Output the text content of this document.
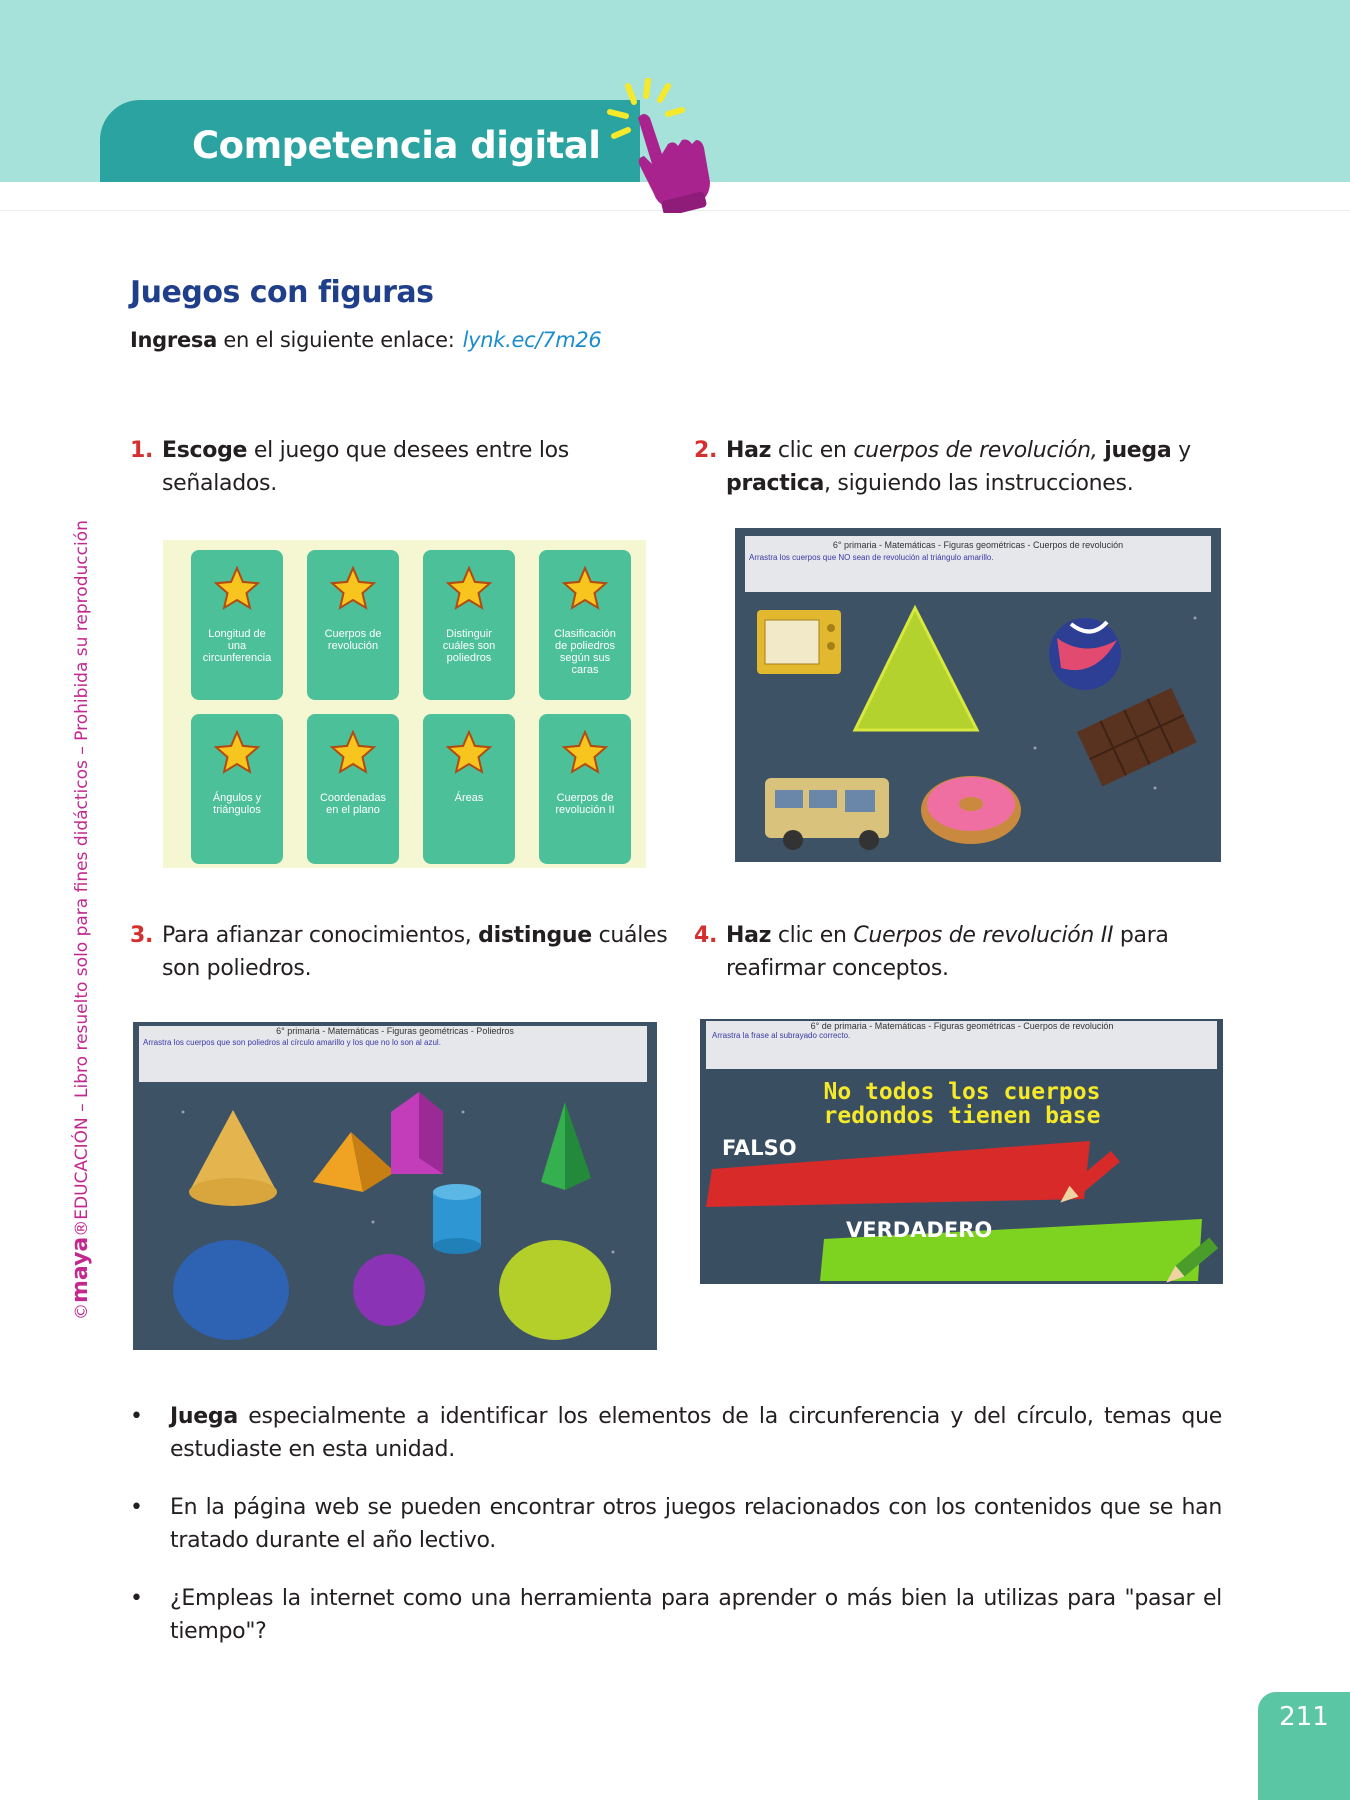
Competencia digital
©maya®EDUCACIÓN – Libro resuelto solo para fines didácticos – Prohibida su reproducción
Juegos con figuras
Ingresa en el siguiente enlace: lynk.ec/7m26
1. Escoge el juego que desees entre los señalados.
2. Haz clic en cuerpos de revolución, juega y practica, siguiendo las instrucciones.
3. Para afianzar conocimientos, distingue cuáles son poliedros.
4. Haz clic en Cuerpos de revolución II para reafirmar conceptos.
Longitud de
una
circunferencia
Cuerpos de
revolución
Distinguir
cuáles son
poliedros
Clasificación
de poliedros
según sus
caras
Ángulos y
triángulos
Coordenadas
en el plano
Áreas	Cuerpos de
revolución II
6° primaria - Matemáticas - Figuras geométricas - Cuerpos de revolución
Arrastra los cuerpos que NO sean de revolución al triángulo amarillo.
6° primaria - Matemáticas - Figuras geométricas - Poliedros
Arrastra los cuerpos que son poliedros al círculo amarillo y los que no lo son al azul.
6° de primaria - Matemáticas - Figuras geométricas - Cuerpos de revolución
Arrastra la frase al subrayado correcto.
No todos los cuerpos
redondos tienen base
FALSO
VERDADERO
• Juega especialmente a identificar los elementos de la circunferencia y del círculo, temas que estudiaste en esta unidad.
• En la página web se pueden encontrar otros juegos relacionados con los contenidos que se han tratado durante el año lectivo.
• ¿Empleas la internet como una herramienta para aprender o más bien la utilizas para "pasar el tiempo"?
211
